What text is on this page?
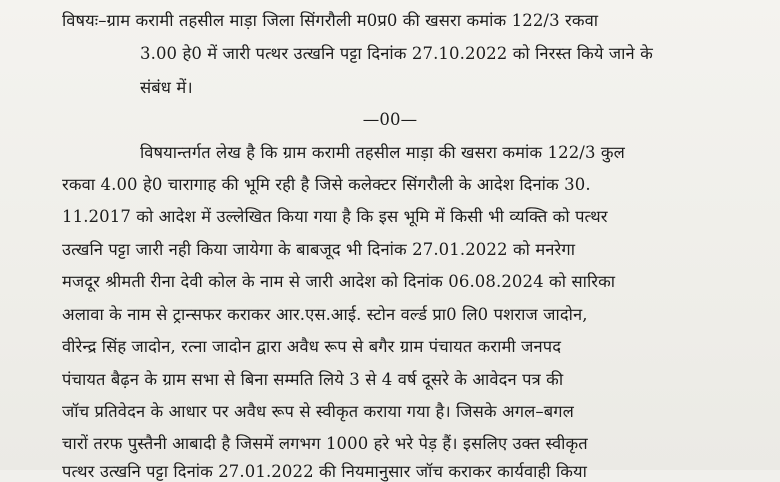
विषयः–ग्राम करामी तहसील माड़ा जिला सिंगरौली म0प्र0 की खसरा कमांक 122/3 रकवा
3.00 हे0 में जारी पत्थर उत्खनि पट्टा दिनांक 27.10.2022 को निरस्त किये जाने के
संबंध में।
—00—
विषयान्तर्गत लेख है कि ग्राम करामी तहसील माड़ा की खसरा कमांक 122/3 कुल
रकवा 4.00 हे0 चारागाह की भूमि रही है जिसे कलेक्टर सिंगरौली के आदेश दिनांक 30.
11.2017 को आदेश में उल्लेखित किया गया है कि इस भूमि में किसी भी व्यक्ति को पत्थर
उत्खनि पट्टा जारी नही किया जायेगा के बाबजूद भी दिनांक 27.01.2022 को मनरेगा
मजदूर श्रीमती रीना देवी कोल के नाम से जारी आदेश को दिनांक 06.08.2024 को सारिका
अलावा के नाम से ट्रान्सफर कराकर आर.एस.आई. स्टोन वर्ल्ड प्रा0 लि0 पशराज जादोन,
वीरेन्द्र सिंह जादोन, रत्ना जादोन द्वारा अवैध रूप से बगैर ग्राम पंचायत करामी जनपद
पंचायत बैढ़न के ग्राम सभा से बिना सम्मति लिये 3 से 4 वर्ष दूसरे के आवेदन पत्र की
जॉच प्रतिवेदन के आधार पर अवैध रूप से स्वीकृत कराया गया है। जिसके अगल–बगल
चारों तरफ पुस्तैनी आबादी है जिसमें लगभग 1000 हरे भरे पेड़ हैं। इसलिए उक्त स्वीकृत
पत्थर उत्खनि पट्टा दिनांक 27.01.2022 की नियमानुसार जॉच कराकर कार्यवाही किया
